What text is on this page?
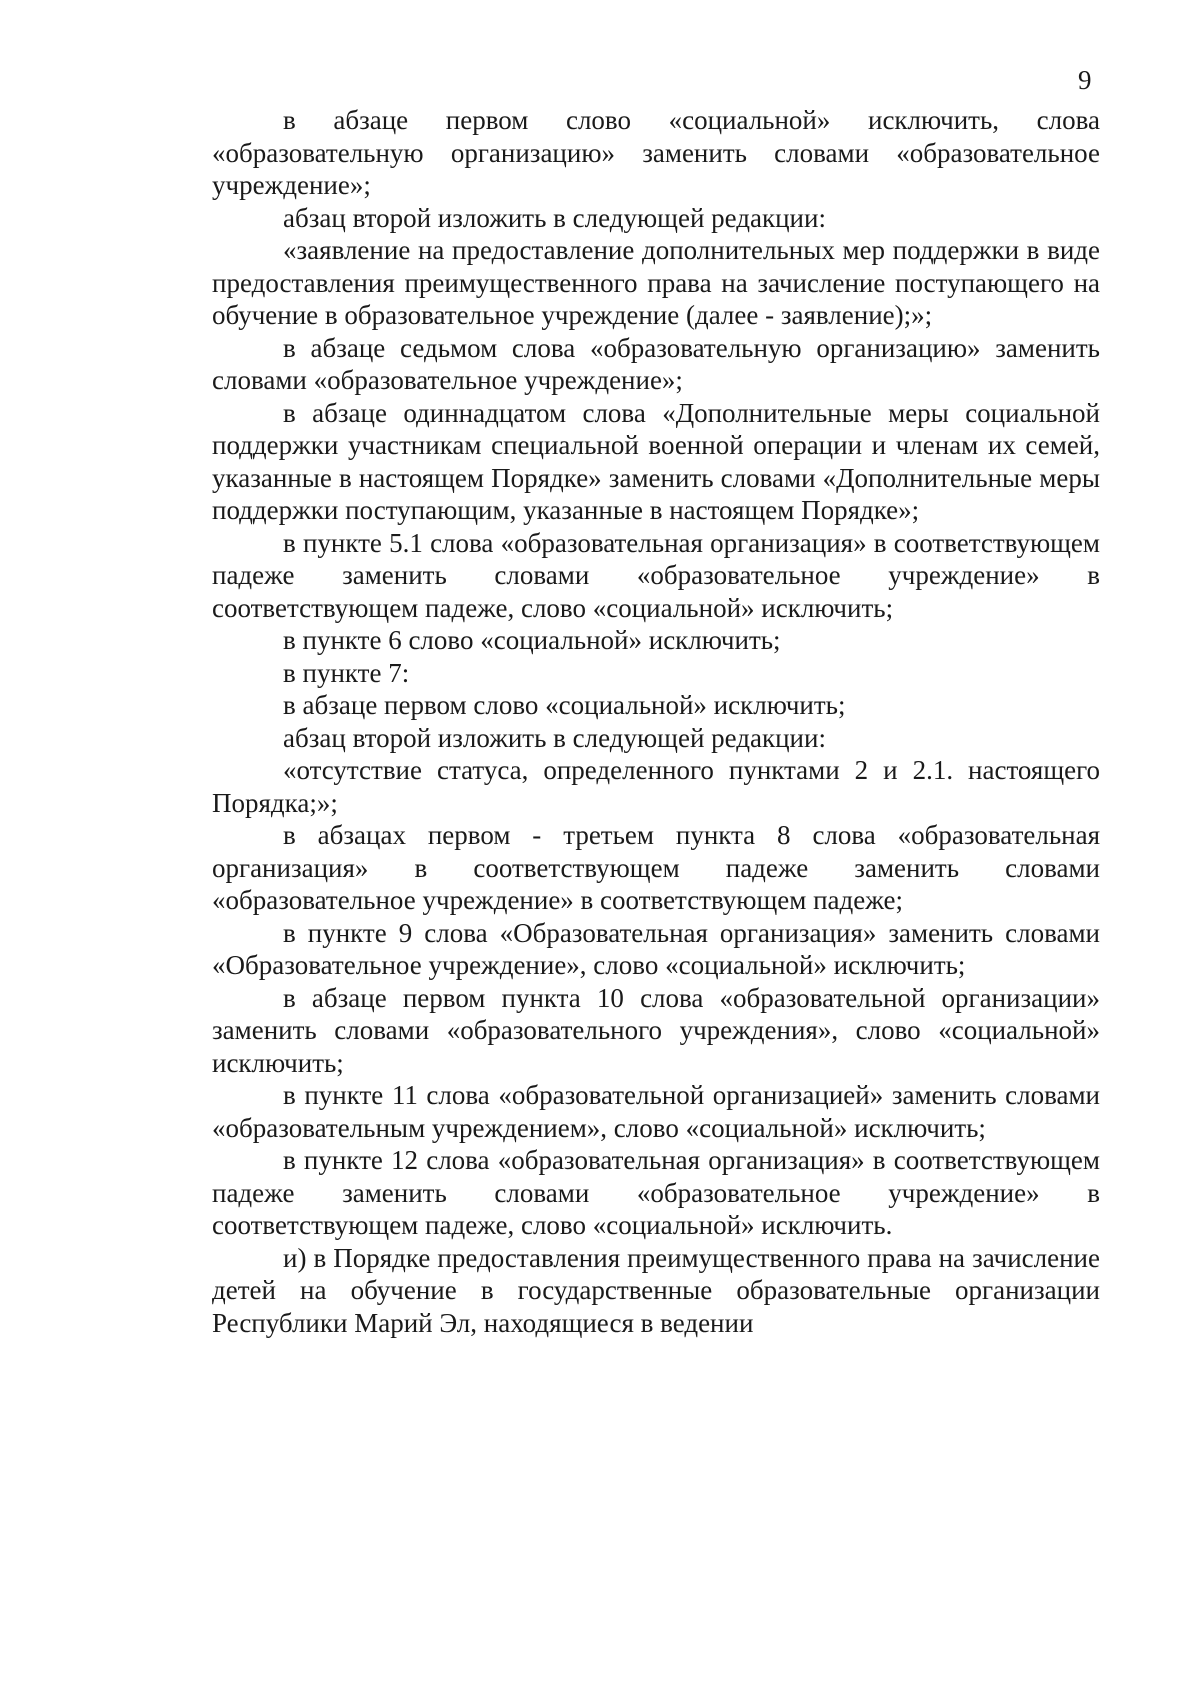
9

в абзаце первом слово «социальной» исключить, слова «образовательную организацию» заменить словами «образовательное учреждение»;

абзац второй изложить в следующей редакции:

«заявление на предоставление дополнительных мер поддержки в виде предоставления преимущественного права на зачисление поступающего на обучение в образовательное учреждение (далее - заявление);»;

в абзаце седьмом слова «образовательную организацию» заменить словами «образовательное учреждение»;

в абзаце одиннадцатом слова «Дополнительные меры социальной поддержки участникам специальной военной операции и членам их семей, указанные в настоящем Порядке» заменить словами «Дополнительные меры поддержки поступающим, указанные в настоящем Порядке»;

в пункте 5.1 слова «образовательная организация» в соответствующем падеже заменить словами «образовательное учреждение» в соответствующем падеже, слово «социальной» исключить;

в пункте 6 слово «социальной» исключить;

в пункте 7:

в абзаце первом слово «социальной» исключить;

абзац второй изложить в следующей редакции:

«отсутствие статуса, определенного пунктами 2 и 2.1. настоящего Порядка;»;

в абзацах первом - третьем пункта 8 слова «образовательная организация» в соответствующем падеже заменить словами «образовательное учреждение» в соответствующем падеже;

в пункте 9 слова «Образовательная организация» заменить словами «Образовательное учреждение», слово «социальной» исключить;

в абзаце первом пункта 10 слова «образовательной организации» заменить словами «образовательного учреждения», слово «социальной» исключить;

в пункте 11 слова «образовательной организацией» заменить словами «образовательным учреждением», слово «социальной» исключить;

в пункте 12 слова «образовательная организация» в соответствующем падеже заменить словами «образовательное учреждение» в соответствующем падеже, слово «социальной» исключить.

и) в Порядке предоставления преимущественного права на зачисление детей на обучение в государственные образовательные организации Республики Марий Эл, находящиеся в ведении
